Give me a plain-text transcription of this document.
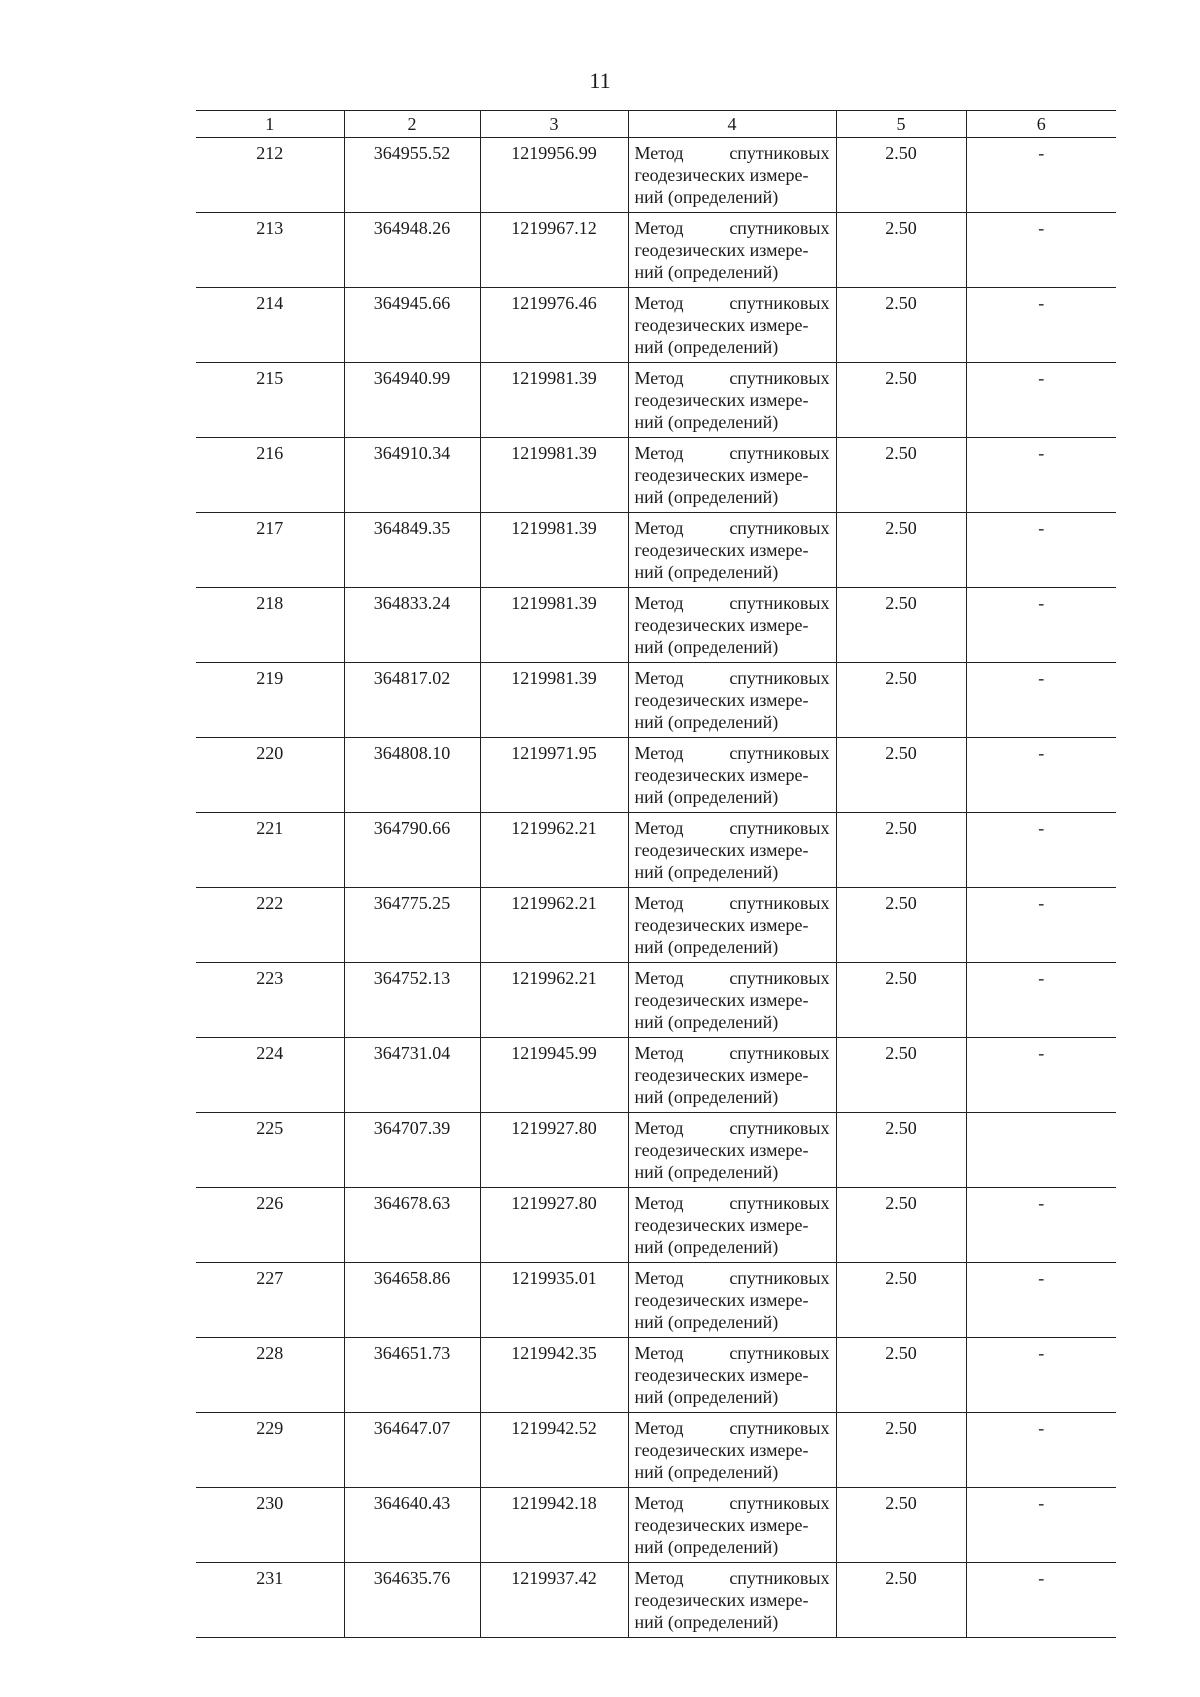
11
1	2	3	4	5	6
212	364955.52	1219956.99	Метод спутниковых
геодезических измере-
ний (определений)	2.50	-
213	364948.26	1219967.12	Метод спутниковых
геодезических измере-
ний (определений)	2.50	-
214	364945.66	1219976.46	Метод спутниковых
геодезических измере-
ний (определений)	2.50	-
215	364940.99	1219981.39	Метод спутниковых
геодезических измере-
ний (определений)	2.50	-
216	364910.34	1219981.39	Метод спутниковых
геодезических измере-
ний (определений)	2.50	-
217	364849.35	1219981.39	Метод спутниковых
геодезических измере-
ний (определений)	2.50	-
218	364833.24	1219981.39	Метод спутниковых
геодезических измере-
ний (определений)	2.50	-
219	364817.02	1219981.39	Метод спутниковых
геодезических измере-
ний (определений)	2.50	-
220	364808.10	1219971.95	Метод спутниковых
геодезических измере-
ний (определений)	2.50	-
221	364790.66	1219962.21	Метод спутниковых
геодезических измере-
ний (определений)	2.50	-
222	364775.25	1219962.21	Метод спутниковых
геодезических измере-
ний (определений)	2.50	-
223	364752.13	1219962.21	Метод спутниковых
геодезических измере-
ний (определений)	2.50	-
224	364731.04	1219945.99	Метод спутниковых
геодезических измере-
ний (определений)	2.50	-
225	364707.39	1219927.80	Метод спутниковых
геодезических измере-
ний (определений)	2.50	
226	364678.63	1219927.80	Метод спутниковых
геодезических измере-
ний (определений)	2.50	-
227	364658.86	1219935.01	Метод спутниковых
геодезических измере-
ний (определений)	2.50	-
228	364651.73	1219942.35	Метод спутниковых
геодезических измере-
ний (определений)	2.50	-
229	364647.07	1219942.52	Метод спутниковых
геодезических измере-
ний (определений)	2.50	-
230	364640.43	1219942.18	Метод спутниковых
геодезических измере-
ний (определений)	2.50	-
231	364635.76	1219937.42	Метод спутниковых
геодезических измере-
ний (определений)	2.50	-
